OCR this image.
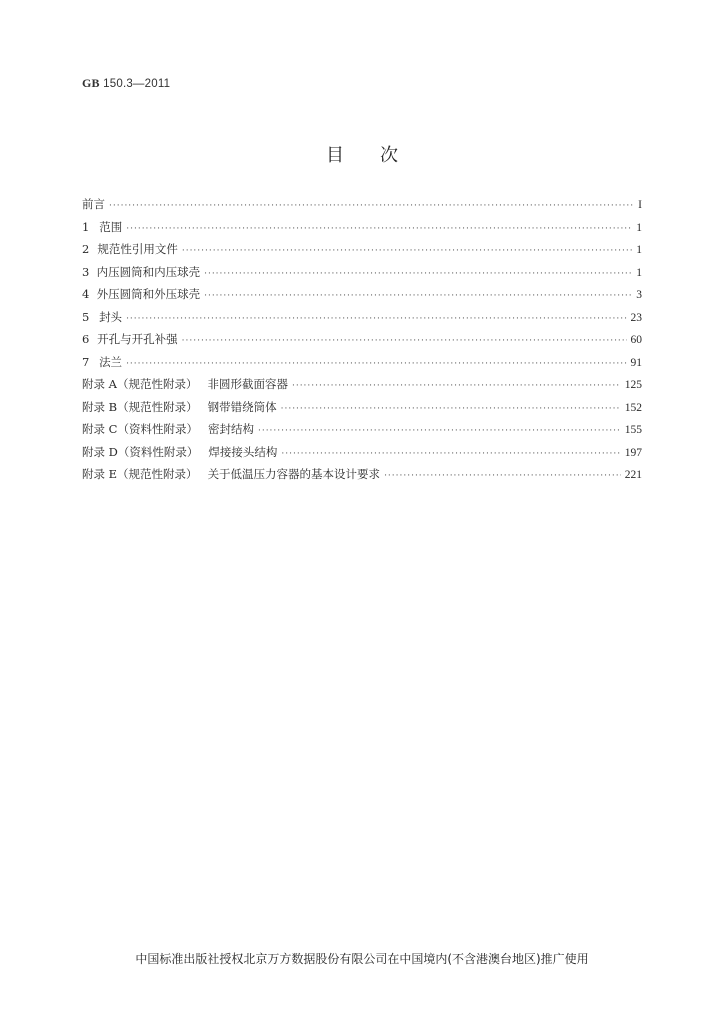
GB 150.3—2011
目 次
前言 ·····	I
1 范围 ·····	1
2 规范性引用文件 ·····	1
3 内压圆筒和内压球壳 ·····	1
4 外压圆筒和外压球壳 ·····	3
5 封头 ·····	23
6 开孔与开孔补强 ·····	60
7 法兰 ·····	91
附录 A（规范性附录） 非圆形截面容器 ·····	125
附录 B（规范性附录） 钢带错绕筒体 ·····	152
附录 C（资料性附录） 密封结构 ·····	155
附录 D（资料性附录） 焊接接头结构 ·····	197
附录 E（规范性附录） 关于低温压力容器的基本设计要求 ·····	221
中国标准出版社授权北京万方数据股份有限公司在中国境内(不含港澳台地区)推广使用
